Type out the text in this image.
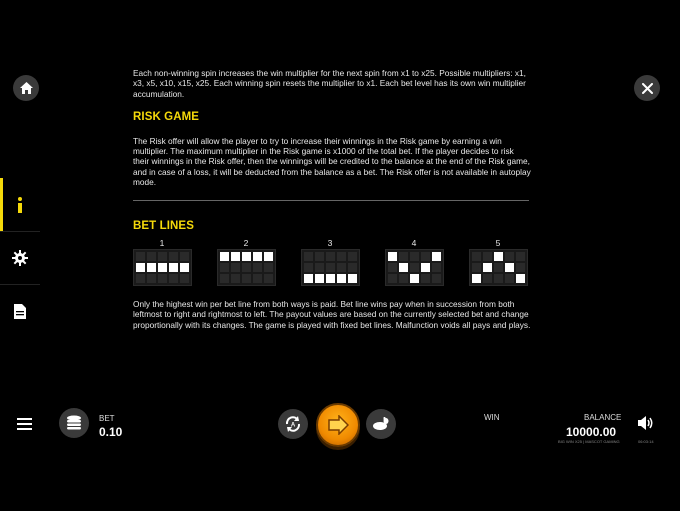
Each non-winning spin increases the win multiplier for the next spin from x1 to x25. Possible multipliers: x1, x3, x5, x10, x15, x25. Each winning spin resets the multiplier to x1. Each bet level has its own win multiplier accumulation.

RISK GAME

The Risk offer will allow the player to try to increase their winnings in the Risk game by earning a win multiplier. The maximum multiplier in the Risk game is x1000 of the total bet. If the player decides to risk their winnings in the Risk offer, then the winnings will be credited to the balance at the end of the Risk game, and in case of a loss, it will be deducted from the balance as a bet. The Risk offer is not available in autoplay mode.

BET LINES
1	2	3	4	5

Only the highest win per bet line from both ways is paid. Bet line wins pay when in succession from both leftmost to right and rightmost to left. The payout values are based on the currently selected bet and change proportionally with its changes. The game is played with fixed bet lines. Malfunction voids all pays and plays.

BET
0.10	A
WIN	BALANCE
10000.00
BIG WIN X25 | MASCOT GAMING	06:03:14
